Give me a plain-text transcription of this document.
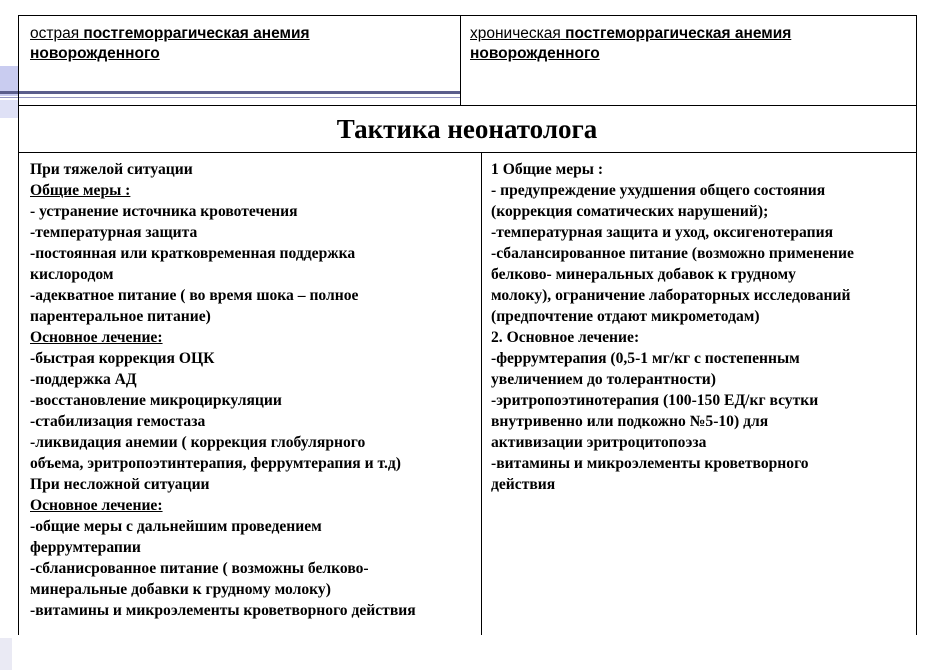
острая постгеморрагическая анемия
новорожденного
хроническая постгеморрагическая анемия
новорожденного
Тактика неонатолога
При тяжелой ситуации
Общие меры :
- устранение источника кровотечения
-температурная защита
-постоянная или кратковременная поддержка
кислородом
-адекватное питание ( во время шока – полное
парентеральное питание)
Основное лечение:
-быстрая коррекция ОЦК
-поддержка АД
-восстановление микроциркуляции
-стабилизация гемостаза
-ликвидация анемии ( коррекция глобулярного
объема, эритропоэтинтерапия, феррумтерапия и т.д)
При несложной ситуации
Основное лечение:
-общие меры с дальнейшим проведением
феррумтерапии
-сбланисрованное питание ( возможны белково-
минеральные добавки к грудному молоку)
-витамины и микроэлементы кроветворного действия
1 Общие меры :
- предупреждение ухудшения общего состояния
(коррекция соматических нарушений);
-температурная защита и уход, оксигенотерапия
-сбалансированное питание (возможно применение
белково- минеральных добавок к грудному
молоку), ограничение лабораторных исследований
(предпочтение отдают микрометодам)
2. Основное лечение:
-феррумтерапия (0,5-1 мг/кг с постепенным
увеличением до толерантности)
-эритропоэтинотерапия (100-150 ЕД/кг всутки
внутривенно или подкожно №5-10) для
активизации эритроцитопоэза
-витамины и микроэлементы кроветворного
действия
